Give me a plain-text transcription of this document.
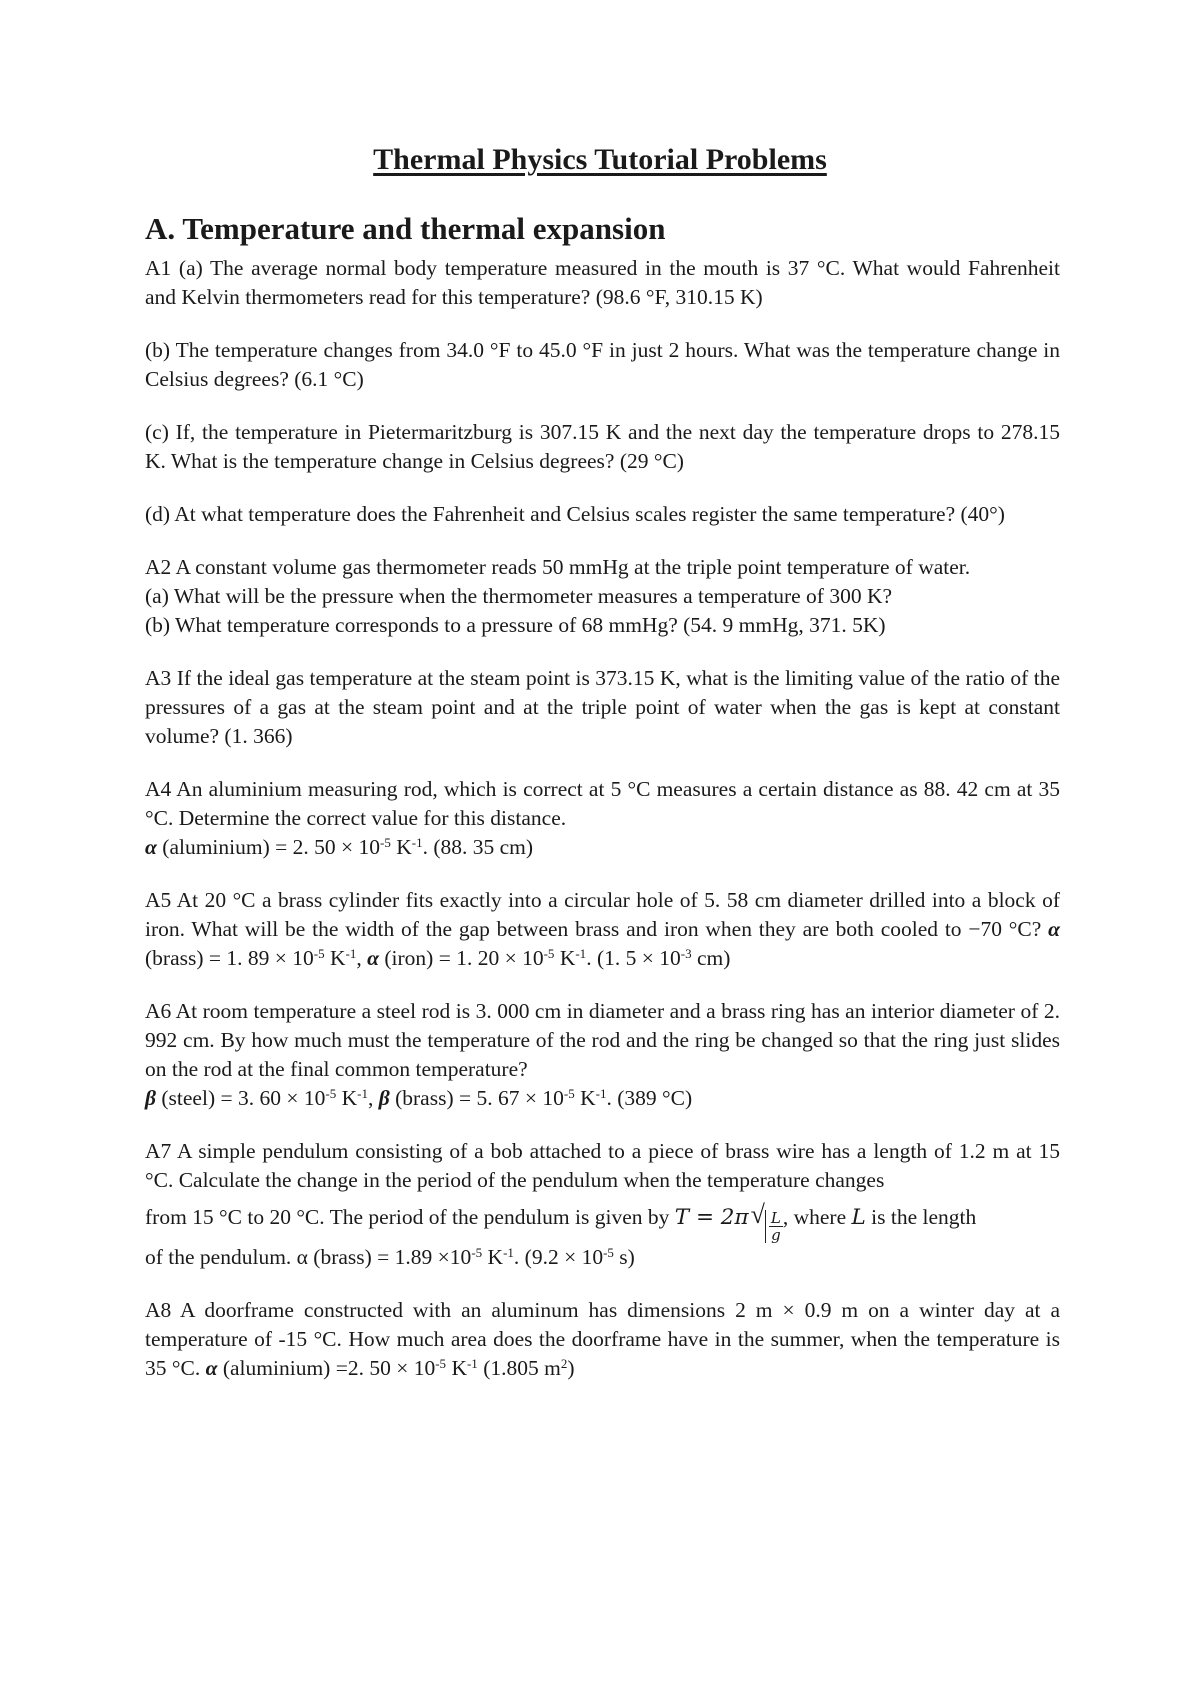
Thermal Physics Tutorial Problems
A. Temperature and thermal expansion

A1 (a) The average normal body temperature measured in the mouth is 37 °C. What would Fahrenheit and Kelvin thermometers read for this temperature? (98.6 °F, 310.15 K)

(b) The temperature changes from 34.0 °F to 45.0 °F in just 2 hours. What was the temperature change in Celsius degrees? (6.1 °C)

(c) If, the temperature in Pietermaritzburg is 307.15 K and the next day the temperature drops to 278.15 K. What is the temperature change in Celsius degrees? (29 °C)

(d) At what temperature does the Fahrenheit and Celsius scales register the same temperature? (40°)

A2 A constant volume gas thermometer reads 50 mmHg at the triple point temperature of water.

(a) What will be the pressure when the thermometer measures a temperature of 300 K?

(b) What temperature corresponds to a pressure of 68 mmHg? (54. 9 mmHg, 371. 5K)

A3 If the ideal gas temperature at the steam point is 373.15 K, what is the limiting value of the ratio of the pressures of a gas at the steam point and at the triple point of water when the gas is kept at constant volume? (1. 366)

A4 An aluminium measuring rod, which is correct at 5 °C measures a certain distance as 88. 42 cm at 35 °C. Determine the correct value for this distance.

α (aluminium) = 2. $50 \times 10^{-5}$ $K^{-1}$. (88. 35 cm)

A5 At 20 °C a brass cylinder fits exactly into a circular hole of 5. 58 cm diameter drilled into a block of iron. What will be the width of the gap between brass and iron when they are both cooled to −70 °C? α (brass) = 1. $89 \times 10^{-5}$ $K^{-1}$, α (iron) = 1. $20 \times 10^{-5}$ $K^{-1}$. (1. $5 \times 10^{-3}$ cm)

A6 At room temperature a steel rod is 3. 000 cm in diameter and a brass ring has an interior diameter of 2. 992 cm. By how much must the temperature of the rod and the ring be changed so that the ring just slides on the rod at the final common temperature?

β (steel) = 3. $60 \times 10^{-5}$ $K^{-1}$, β (brass) = 5. $67 \times 10^{-5}$ $K^{-1}$. (389 °C)

A7 A simple pendulum consisting of a bob attached to a piece of brass wire has a length of 1.2 m at 15 °C. Calculate the change in the period of the pendulum when the temperature changes

from 15 °C to 20 °C. The period of the pendulum is given by $T = 2\pi√ \frac{L}{g}$ , where L is the length

of the pendulum. α (brass) = $1.89 \times 10^{-5}$ $K^{-1}$. ($9.2 \times 10^{-5}$ s)

A8 A doorframe constructed with an aluminum has dimensions 2 m × 0.9 m on a winter day at a temperature of -15 °C. How much area does the doorframe have in the summer, when the temperature is 35 °C. α (aluminium) =2. $50 \times 10^{-5}$ $K^{-1}$ (1.805 $m^2$)
